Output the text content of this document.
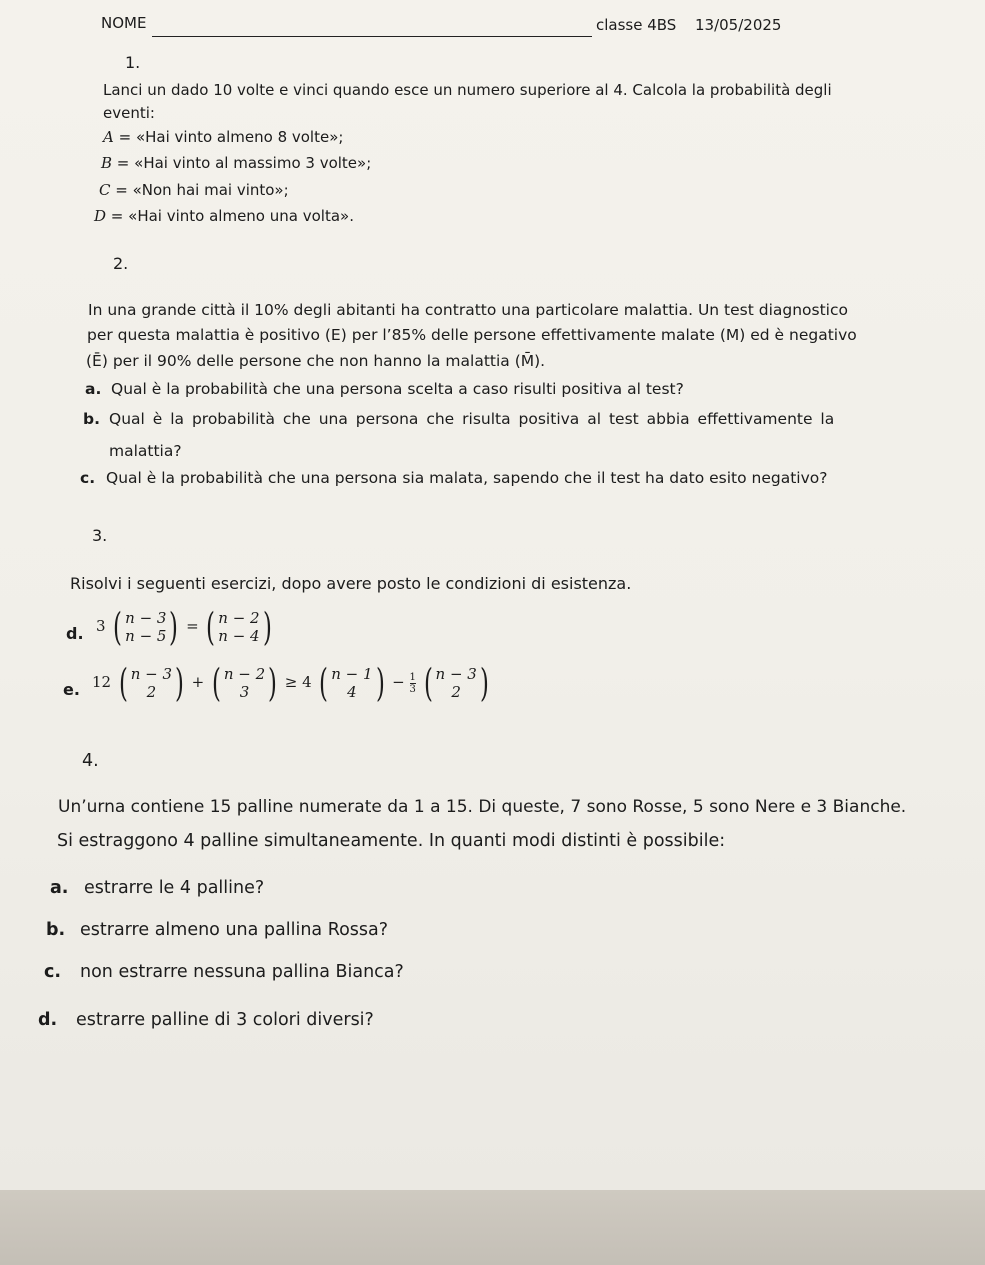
NOME	classe 4BS 13/05/2025
1.
Lanci un dado 10 volte e vinci quando esce un numero superiore al 4. Calcola la probabilità degli
eventi:
A = «Hai vinto almeno 8 volte»;
B = «Hai vinto al massimo 3 volte»;
C = «Non hai mai vinto»;
D = «Hai vinto almeno una volta».
2.
In una grande città il 10% degli abitanti ha contratto una particolare malattia. Un test diagnostico
per questa malattia è positivo (E) per l’85% delle persone effettivamente malate (M) ed è negativo
(Ē) per il 90% delle persone che non hanno la malattia (M̄).
a. Qual è la probabilità che una persona scelta a caso risulti positiva al test?
b. Qual è la probabilità che una persona che risulta positiva al test abbia effettivamente la
malattia?
c. Qual è la probabilità che una persona sia malata, sapendo che il test ha dato esito negativo?
3.
Risolvi i seguenti esercizi, dopo avere posto le condizioni di esistenza.
d. 3 ( n − 3
n − 5 ) = ( n − 2
n − 4 )
e. 12 ( n − 3
2 ) + ( n − 2
3 ) ≥ 4 ( n − 1
4 ) − $\frac{1}{3}$
( n − 3
2 )
4.
Un’urna contiene 15 palline numerate da 1 a 15. Di queste, 7 sono Rosse, 5 sono Nere e 3 Bianche.
Si estraggono 4 palline simultaneamente. In quanti modi distinti è possibile:
a. estrarre le 4 palline?
b. estrarre almeno una pallina Rossa?
c. non estrarre nessuna pallina Bianca?
d. estrarre palline di 3 colori diversi?
